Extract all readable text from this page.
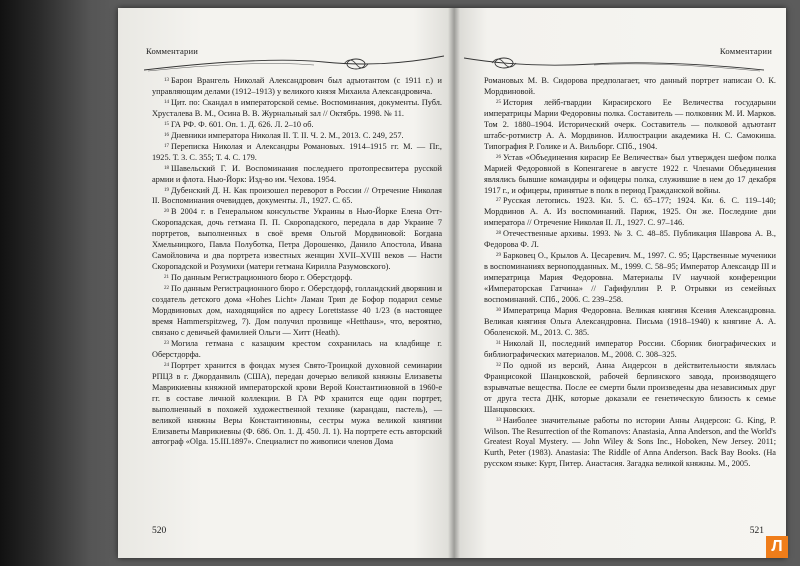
Комментарии

$^{13}$ Барон Врангель Николай Александрович был адъютантом (с 1911 г.) и управляющим делами (1912–1913) у великого князя Михаила Александровича.

$^{14}$ Цит. по: Скандал в императорской семье. Воспоминания, документы. Публ. Хрусталева В. М., Осина В. В. Журнальный зал // Октябрь. 1998. № 11.

$^{15}$ ГА РФ. Ф. 601. Оп. 1. Д. 626. Л. 2–10 об.

$^{16}$ Дневники императора Николая II. Т. II. Ч. 2. М., 2013. С. 249, 257.

$^{17}$ Переписка Николая и Александры Романовых. 1914–1915 гг. М. — Пг., 1925. Т. 3. С. 355; Т. 4. С. 179.

$^{18}$ Шавельский Г. И. Воспоминания последнего протопресвитера русской армии и флота. Нью-Йорк: Изд-во им. Чехова. 1954.

$^{19}$ Дубенский Д. Н. Как произошел переворот в России // Отречение Николая II. Воспоминания очевидцев, документы. Л., 1927. С. 65.

$^{20}$ В 2004 г. в Генеральном консульстве Украины в Нью-Йорке Елена Отт-Скоропадская, дочь гетмана П. П. Скоропадского, передала в дар Украине 7 портретов, выполненных в своё время Ольгой Мордвиновой: Богдана Хмельницкого, Павла Полуботка, Петра Дорошенко, Данило Апостола, Ивана Самойловича и два портрета известных женщин XVII–XVIII веков — Насти Скоропадской и Розумихи (матери гетмана Кирилла Разумовского).

$^{21}$ По данным Регистрационного бюро г. Оберстдорф.

$^{22}$ По данным Регистрационного бюро г. Оберстдорф, голландский дворянин и создатель детского дома «Hohes Licht» Ламан Трип де Бофор подарил семье Мордвиновых дом, находящийся по адресу Lorettstassе 40 1/23 (в настоящее время Hammerspitzweg, 7). Дом получил прозвище «Hetthaus», что, вероятно, связано с девичьей фамилией Ольги — Хитт (Heath).

$^{23}$ Могила гетмана с казацким крестом сохранилась на кладбище г. Оберстдорфа.

$^{24}$ Портрет хранится в фондах музея Свято-Троицкой духовной семинарии РПЦЗ в г. Джорданвиль (США), передан дочерью великой княжны Елизаветы Маврикиевны княжной императорской крови Верой Константиновной в 1960-е гг. в составе личной коллекции. В ГА РФ хранится еще один портрет, выполненный в похожей художественной технике (карандаш, пастель), — великой княжны Веры Константиновны, сестры мужа великой княгини Елизаветы Маврикиевны (Ф. 686. Оп. 1. Д. 450. Л. 1). На портрете есть авторский автограф «Olga. 15.III.1897». Специалист по живописи членов Дома

520
Комментарии

Романовых М. В. Сидорова предполагает, что данный портрет написан О. К. Мордвиновой.

$^{25}$ История лейб-гвардии Кирасирского Ее Величества государыни императрицы Марии Федоровны полка. Составитель — полковник М. И. Марков. Том 2. 1880–1904. Исторический очерк. Составитель — полковой адъютант штабс-ротмистр А. А. Мордвинов. Иллюстрации академика Н. С. Самокиша. Типография Р. Голике и А. Вильборг. СПб., 1904.

$^{26}$ Устав «Объединения кирасир Ее Величества» был утвержден шефом полка Марией Федоровной в Копенгагене в августе 1922 г. Членами Объединения являлись бывшие командиры и офицеры полка, служившие в нем до 17 декабря 1917 г., и офицеры, принятые в полк в период Гражданской войны.

$^{27}$ Русская летопись. 1923. Кн. 5. С. 65–177; 1924. Кн. 6. С. 119–140; Мордвинов А. А. Из воспоминаний. Париж, 1925. Он же. Последние дни императора // Отречение Николая II. Л., 1927. С. 97–146.

$^{28}$ Отечественные архивы. 1993. № 3. С. 48–85. Публикация Шаврова А. В., Федорова Ф. Л.

$^{29}$ Барковец О., Крылов А. Цесаревич. М., 1997. С. 95; Царственные мученики в воспоминаниях верноподданных. М., 1999. С. 58–95; Император Александр III и императрица Мария Федоровна. Материалы IV научной конференции «Императорская Гатчина» // Гафифуллин Р. Р. Отрывки из семейных воспоминаний. СПб., 2006. С. 239–258.

$^{30}$ Императрица Мария Федоровна. Великая княгиня Ксения Александровна. Великая княгиня Ольга Александровна. Письма (1918–1940) к княгине А. А. Оболенской. М., 2013. С. 385.

$^{31}$ Николай II, последний император России. Сборник биографических и библиографических материалов. М., 2008. С. 308–325.

$^{32}$ По одной из версий, Анна Андерсон в действительности являлась Францисокой Шанцковской, рабочей берлинского завода, производящего взрывчатые вещества. После ее смерти были произведены два независимых друг от друга теста ДНК, которые доказали ее генетическую близость к семье Шанцковских.

$^{33}$ Наиболее значительные работы по истории Анны Андерсон: G. King, P. Wilson. The Resurrection of the Romanovs: Anastasia, Anna Anderson, and the World's Greatest Royal Mystery. — John Wiley & Sons Inc., Hoboken, New Jersey. 2011; Kurth, Peter (1983). Anastasia: The Riddle of Anna Anderson. Back Bay Books. (На русском языке: Курт, Питер. Анастасия. Загадка великой княжны. М., 2005.

521
Л
